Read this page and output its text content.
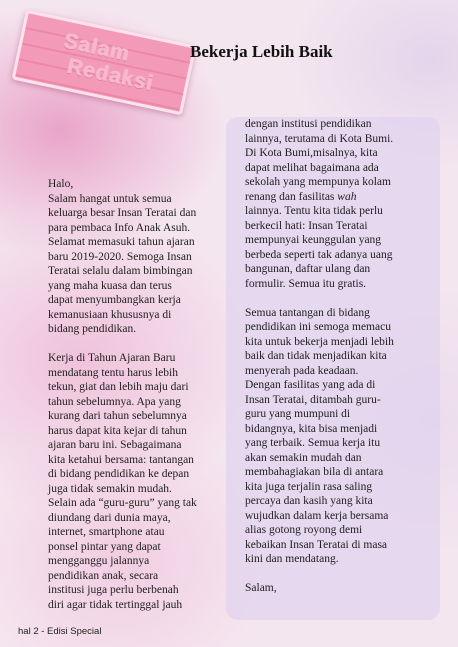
Salam
Redaksi
Bekerja Lebih Baik

Halo,

Salam hangat untuk semua

keluarga besar Insan Teratai dan

para pembaca Info Anak Asuh.

Selamat memasuki tahun ajaran

baru 2019-2020. Semoga Insan

Teratai selalu dalam bimbingan

yang maha kuasa dan terus

dapat menyumbangkan kerja

kemanusiaan khususnya di

bidang pendidikan.

Kerja di Tahun Ajaran Baru

mendatang tentu harus lebih

tekun, giat dan lebih maju dari

tahun sebelumnya. Apa yang

kurang dari tahun sebelumnya

harus dapat kita kejar di tahun

ajaran baru ini. Sebagaimana

kita ketahui bersama: tantangan

di bidang pendidikan ke depan

juga tidak semakin mudah.

Selain ada “guru-guru” yang tak

diundang dari dunia maya,

internet, smartphone atau

ponsel pintar yang dapat

mengganggu jalannya

pendidikan anak, secara

institusi juga perlu berbenah

diri agar tidak tertinggal jauh

dengan institusi pendidikan

lainnya, terutama di Kota Bumi.

Di Kota Bumi,misalnya, kita

dapat melihat bagaimana ada

sekolah yang mempunya kolam

renang dan fasilitas wah

lainnya. Tentu kita tidak perlu

berkecil hati: Insan Teratai

mempunyai keunggulan yang

berbeda seperti tak adanya uang

bangunan, daftar ulang dan

formulir. Semua itu gratis.

Semua tantangan di bidang

pendidikan ini semoga memacu

kita untuk bekerja menjadi lebih

baik dan tidak menjadikan kita

menyerah pada keadaan.

Dengan fasilitas yang ada di

Insan Teratai, ditambah guru-

guru yang mumpuni di

bidangnya, kita bisa menjadi

yang terbaik. Semua kerja itu

akan semakin mudah dan

membahagiakan bila di antara

kita juga terjalin rasa saling

percaya dan kasih yang kita

wujudkan dalam kerja bersama

alias gotong royong demi

kebaikan Insan Teratai di masa

kini dan mendatang.

Salam,

hal 2 - Edisi Special
